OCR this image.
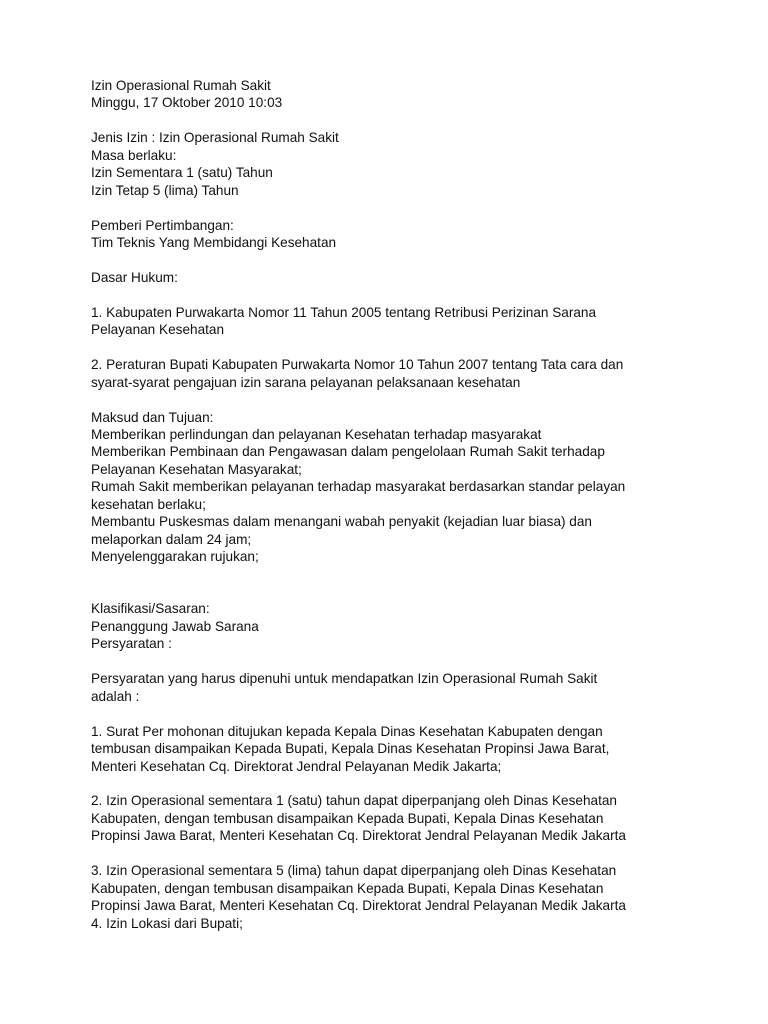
Izin Operasional Rumah Sakit
Minggu, 17 Oktober 2010 10:03
Jenis Izin : Izin Operasional Rumah Sakit
Masa berlaku:
Izin Sementara 1 (satu) Tahun
Izin Tetap 5 (lima) Tahun
Pemberi Pertimbangan:
Tim Teknis Yang Membidangi Kesehatan
Dasar Hukum:
1. Kabupaten Purwakarta Nomor 11 Tahun 2005 tentang Retribusi Perizinan Sarana
Pelayanan Kesehatan
2. Peraturan Bupati Kabupaten Purwakarta Nomor 10 Tahun 2007 tentang Tata cara dan
syarat-syarat pengajuan izin sarana pelayanan pelaksanaan kesehatan
Maksud dan Tujuan:
Memberikan perlindungan dan pelayanan Kesehatan terhadap masyarakat
Memberikan Pembinaan dan Pengawasan dalam pengelolaan Rumah Sakit terhadap
Pelayanan Kesehatan Masyarakat;
Rumah Sakit memberikan pelayanan terhadap masyarakat berdasarkan standar pelayan
kesehatan berlaku;
Membantu Puskesmas dalam menangani wabah penyakit (kejadian luar biasa) dan
melaporkan dalam 24 jam;
Menyelenggarakan rujukan;
Klasifikasi/Sasaran:
Penanggung Jawab Sarana
Persyaratan :
Persyaratan yang harus dipenuhi untuk mendapatkan Izin Operasional Rumah Sakit
adalah :
1. Surat Per mohonan ditujukan kepada Kepala Dinas Kesehatan Kabupaten dengan
tembusan disampaikan Kepada Bupati, Kepala Dinas Kesehatan Propinsi Jawa Barat,
Menteri Kesehatan Cq. Direktorat Jendral Pelayanan Medik Jakarta;
2. Izin Operasional sementara 1 (satu) tahun dapat diperpanjang oleh Dinas Kesehatan
Kabupaten, dengan tembusan disampaikan Kepada Bupati, Kepala Dinas Kesehatan
Propinsi Jawa Barat, Menteri Kesehatan Cq. Direktorat Jendral Pelayanan Medik Jakarta
3. Izin Operasional sementara 5 (lima) tahun dapat diperpanjang oleh Dinas Kesehatan
Kabupaten, dengan tembusan disampaikan Kepada Bupati, Kepala Dinas Kesehatan
Propinsi Jawa Barat, Menteri Kesehatan Cq. Direktorat Jendral Pelayanan Medik Jakarta
4. Izin Lokasi dari Bupati;
